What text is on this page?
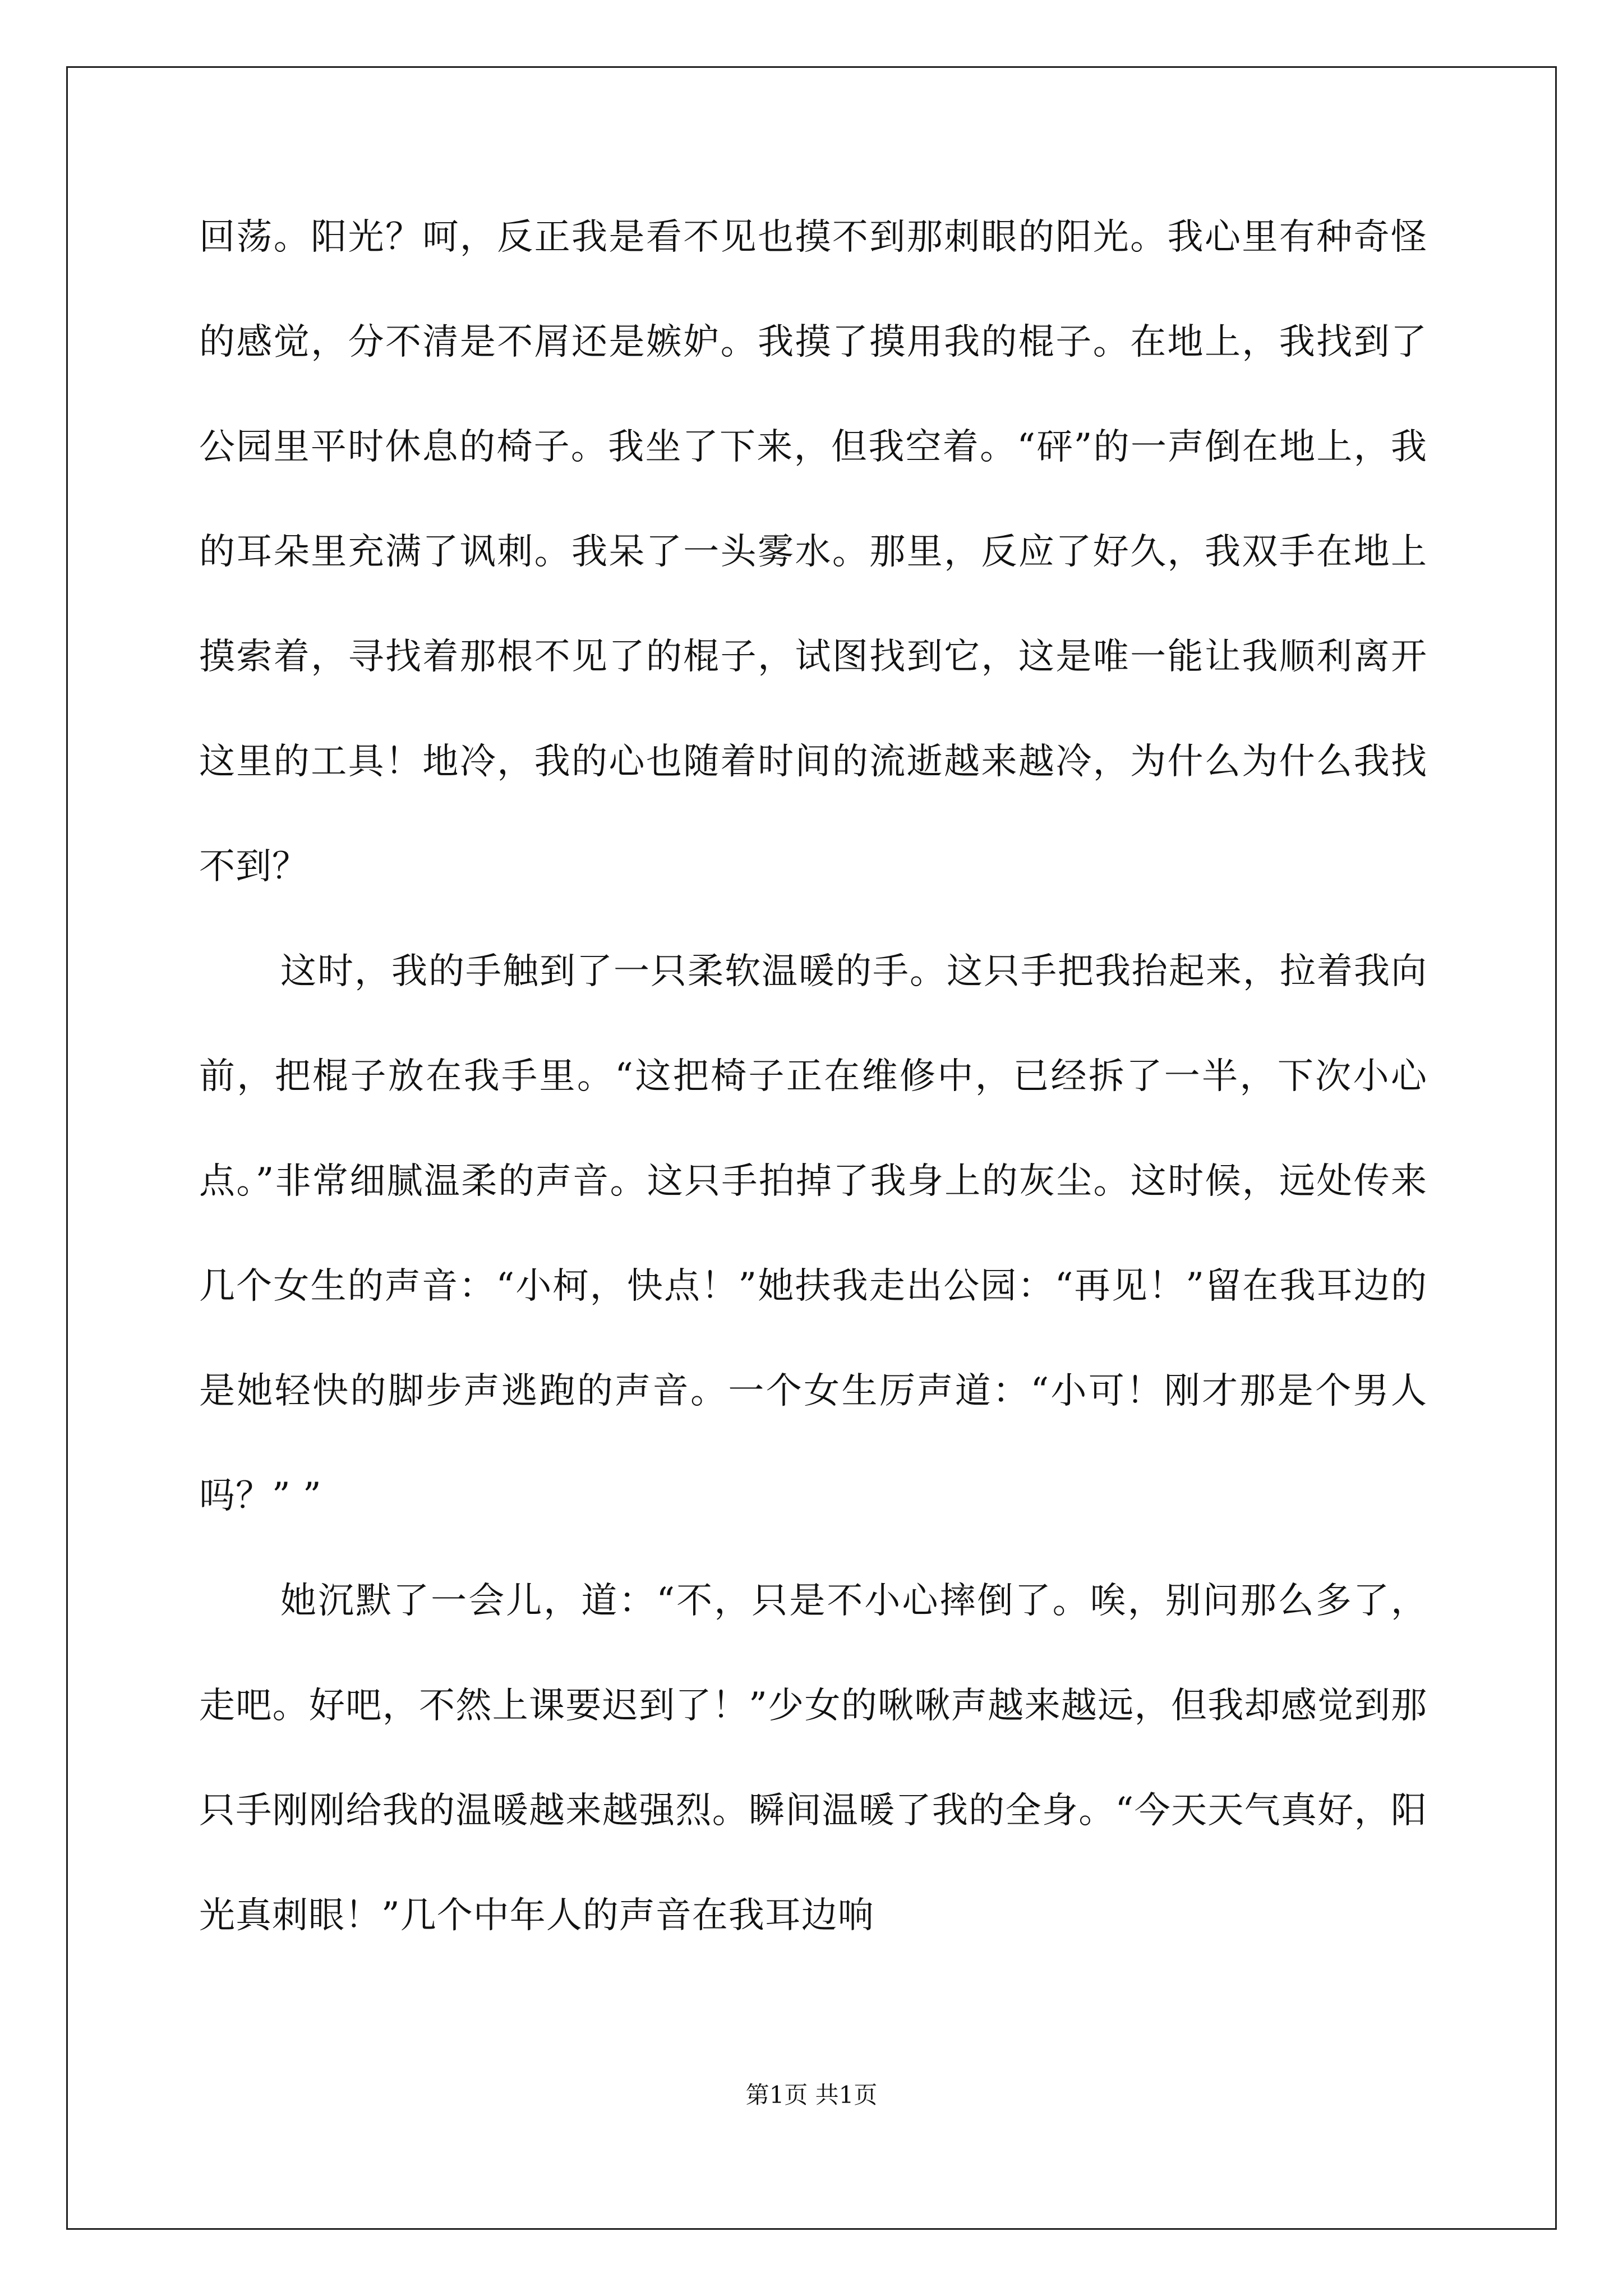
回荡。阳光？呵，反正我是看不见也摸不到那刺眼的阳光。我心里有种奇怪的感觉，分不清是不屑还是嫉妒。我摸了摸用我的棍子。在地上，我找到了公园里平时休息的椅子。我坐了下来，但我空着。“砰”的一声倒在地上，我的耳朵里充满了讽刺。我呆了一头雾水。那里，反应了好久，我双手在地上摸索着，寻找着那根不见了的棍子，试图找到它，这是唯一能让我顺利离开这里的工具！地冷，我的心也随着时间的流逝越来越冷，为什么为什么我找不到？

这时，我的手触到了一只柔软温暖的手。这只手把我抬起来，拉着我向前，把棍子放在我手里。“这把椅子正在维修中，已经拆了一半，下次小心点。”非常细腻温柔的声音。这只手拍掉了我身上的灰尘。这时候，远处传来几个女生的声音：“小柯，快点！”她扶我走出公园：“再见！”留在我耳边的是她轻快的脚步声逃跑的声音。一个女生厉声道：“小可！刚才那是个男人吗？” ”

她沉默了一会儿，道：“不，只是不小心摔倒了。唉，别问那么多了，走吧。好吧，不然上课要迟到了！”少女的啾啾声越来越远，但我却感觉到那只手刚刚给我的温暖越来越强烈。瞬间温暖了我的全身。“今天天气真好，阳光真刺眼！”几个中年人的声音在我耳边响

第1页 共1页
